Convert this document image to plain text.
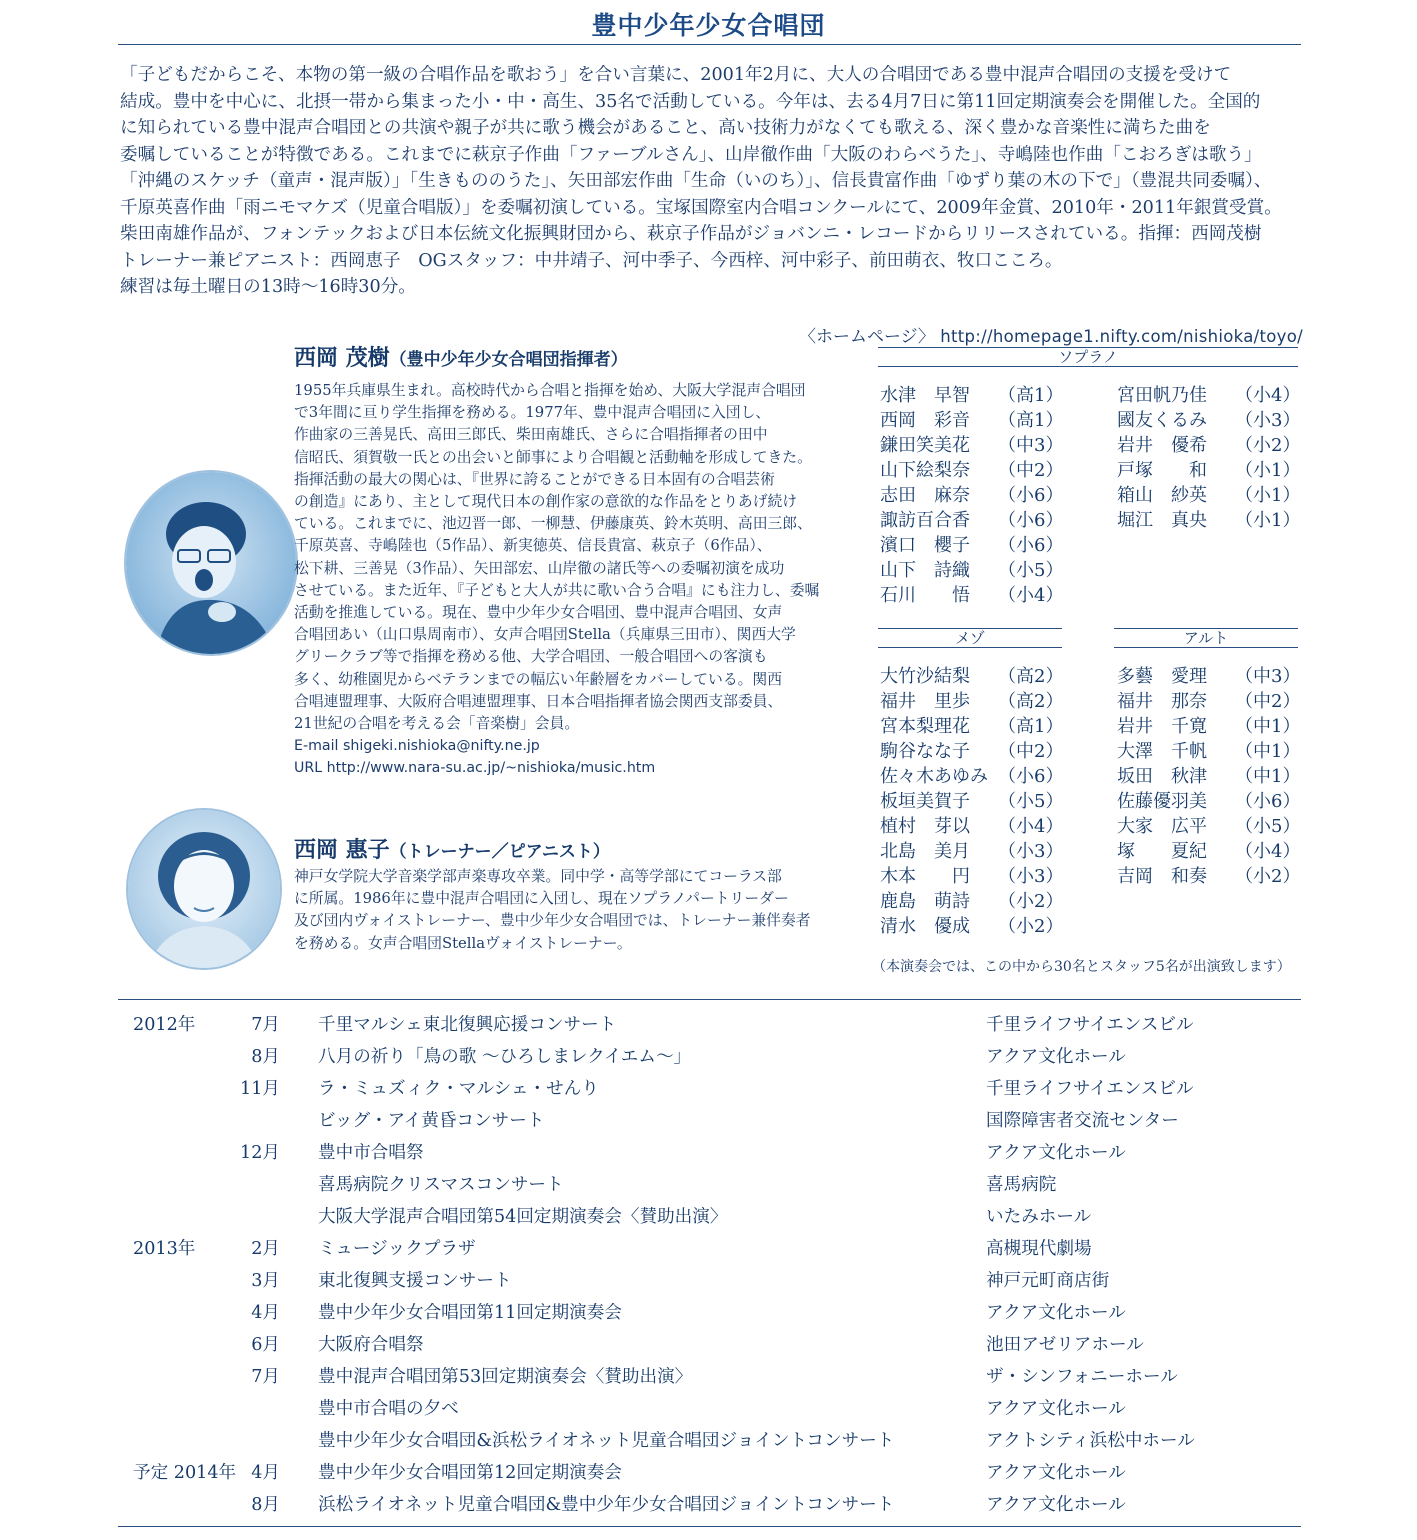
豊中少年少女合唱団
「子どもだからこそ、本物の第一級の合唱作品を歌おう」を合い言葉に、2001年2月に、大人の合唱団である豊中混声合唱団の支援を受けて
結成。豊中を中心に、北摂一帯から集まった小・中・高生、35名で活動している。今年は、去る4月7日に第11回定期演奏会を開催した。全国的
に知られている豊中混声合唱団との共演や親子が共に歌う機会があること、高い技術力がなくても歌える、深く豊かな音楽性に満ちた曲を
委嘱していることが特徴である。これまでに萩京子作曲「ファーブルさん」、山岸徹作曲「大阪のわらべうた」、寺嶋陸也作曲「こおろぎは歌う」
「沖縄のスケッチ（童声・混声版）」「生きもののうた」、矢田部宏作曲「生命（いのち）」、信長貴富作曲「ゆずり葉の木の下で」（豊混共同委嘱）、
千原英喜作曲「雨ニモマケズ（児童合唱版）」を委嘱初演している。宝塚国際室内合唱コンクールにて、2009年金賞、2010年・2011年銀賞受賞。
柴田南雄作品が、フォンテックおよび日本伝統文化振興財団から、萩京子作品がジョバンニ・レコードからリリースされている。指揮：西岡茂樹
トレーナー兼ピアニスト：西岡恵子　OGスタッフ：中井靖子、河中季子、今西梓、河中彩子、前田萌衣、牧口こころ。
練習は毎土曜日の13時〜16時30分。
〈ホームページ〉 http://homepage1.nifty.com/nishioka/toyo/
西岡 茂樹（豊中少年少女合唱団指揮者）
1955年兵庫県生まれ。高校時代から合唱と指揮を始め、大阪大学混声合唱団
で3年間に亘り学生指揮を務める。1977年、豊中混声合唱団に入団し、
作曲家の三善晃氏、高田三郎氏、柴田南雄氏、さらに合唱指揮者の田中
信昭氏、須賀敬一氏との出会いと師事により合唱観と活動軸を形成してきた。
指揮活動の最大の関心は、『世界に誇ることができる日本固有の合唱芸術
の創造』にあり、主として現代日本の創作家の意欲的な作品をとりあげ続け
ている。これまでに、池辺晋一郎、一柳慧、伊藤康英、鈴木英明、高田三郎、
千原英喜、寺嶋陸也（5作品）、新実徳英、信長貴富、萩京子（6作品）、
松下耕、三善晃（3作品）、矢田部宏、山岸徹の諸氏等への委嘱初演を成功
させている。また近年、『子どもと大人が共に歌い合う合唱』にも注力し、委嘱
活動を推進している。現在、豊中少年少女合唱団、豊中混声合唱団、女声
合唱団あい（山口県周南市）、女声合唱団Stella（兵庫県三田市）、関西大学
グリークラブ等で指揮を務める他、大学合唱団、一般合唱団への客演も
多く、幼稚園児からベテランまでの幅広い年齢層をカバーしている。関西
合唱連盟理事、大阪府合唱連盟理事、日本合唱指揮者協会関西支部委員、
21世紀の合唱を考える会「音楽樹」会員。
E-mail shigeki.nishioka@nifty.ne.jp
URL http://www.nara-su.ac.jp/~nishioka/music.htm
西岡 惠子（トレーナー／ピアニスト）
神戸女学院大学音楽学部声楽専攻卒業。同中学・高等学部にてコーラス部
に所属。1986年に豊中混声合唱団に入団し、現在ソプラノパートリーダー
及び団内ヴォイストレーナー、豊中少年少女合唱団では、トレーナー兼伴奏者
を務める。女声合唱団Stellaヴォイストレーナー。
ソプラノ
水津　早智 （高1）
西岡　彩音 （高1）
鎌田笑美花 （中3）
山下絵梨奈 （中2）
志田　麻奈 （小6）
諏訪百合香 （小6）
濱口　櫻子 （小6）
山下　詩織 （小5）
石川　　悟 （小4）
宮田帆乃佳 （小4）
國友くるみ （小3）
岩井　優希 （小2）
戸塚　　和 （小1）
箱山　紗英 （小1）
堀江　真央 （小1）
メゾ
大竹沙結梨 （高2）
福井　里歩 （高2）
宮本梨理花 （高1）
駒谷なな子 （中2）
佐々木あゆみ （小6）
板垣美賀子 （小5）
植村　芽以 （小4）
北島　美月 （小3）
木本　　円 （小3）
鹿島　萌詩 （小2）
清水　優成 （小2）
アルト
多藝　愛理 （中3）
福井　那奈 （中2）
岩井　千寛 （中1）
大澤　千帆 （中1）
坂田　秋津 （中1）
佐藤優羽美 （小6）
大家　広平 （小5）
塚　　夏紀 （小4）
吉岡　和奏 （小2）
（本演奏会では、この中から30名とスタッフ5名が出演致します）
2012年	7月 千里マルシェ東北復興応援コンサート	千里ライフサイエンスビル
8月 八月の祈り「鳥の歌 〜ひろしまレクイエム〜」	アクア文化ホール
11月 ラ・ミュズィク・マルシェ・せんり	千里ライフサイエンスビル
ビッグ・アイ黄昏コンサート	国際障害者交流センター
12月 豊中市合唱祭	アクア文化ホール
喜馬病院クリスマスコンサート	喜馬病院
大阪大学混声合唱団第54回定期演奏会〈賛助出演〉	いたみホール
2013年	2月 ミュージックプラザ	高槻現代劇場
3月 東北復興支援コンサート	神戸元町商店街
4月 豊中少年少女合唱団第11回定期演奏会	アクア文化ホール
6月 大阪府合唱祭	池田アゼリアホール
7月 豊中混声合唱団第53回定期演奏会〈賛助出演〉	ザ・シンフォニーホール
豊中市合唱の夕べ	アクア文化ホール
豊中少年少女合唱団&浜松ライオネット児童合唱団ジョイントコンサート	アクトシティ浜松中ホール
予定 2014年 4月 豊中少年少女合唱団第12回定期演奏会	アクア文化ホール
8月 浜松ライオネット児童合唱団&豊中少年少女合唱団ジョイントコンサート	アクア文化ホール
